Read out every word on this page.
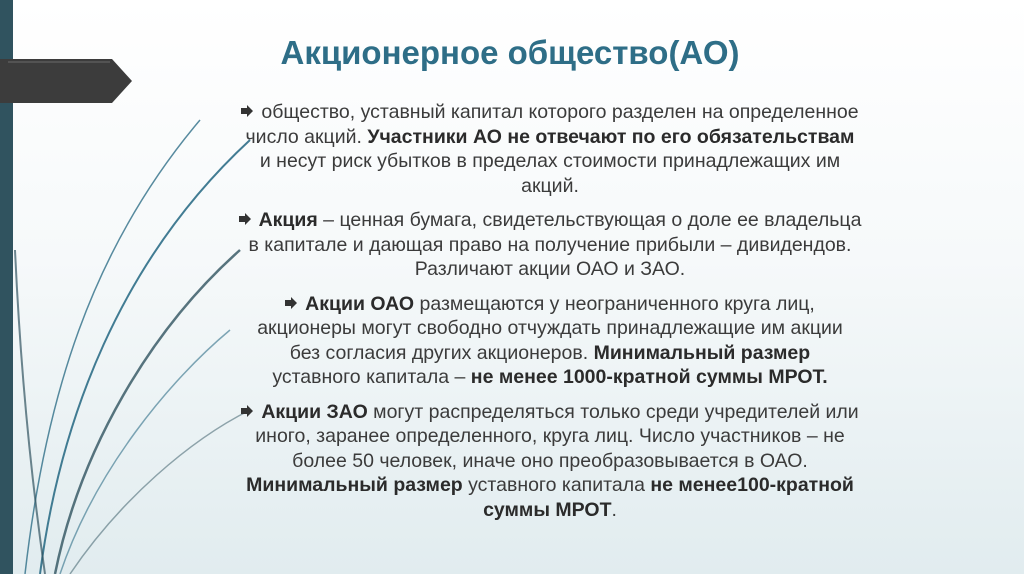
Акционерное общество(АО)

общество, уставный капитал которого разделен на определенное
число акций. Участники АО не отвечают по его обязательствам
и несут риск убытков в пределах стоимости принадлежащих им
акций.

Акция – ценная бумага, свидетельствующая о доле ее владельца
в капитале и дающая право на получение прибыли – дивидендов.
Различают акции ОАО и ЗАО.

Акции ОАО размещаются у неограниченного круга лиц,
акционеры могут свободно отчуждать принадлежащие им акции
без согласия других акционеров. Минимальный размер
уставного капитала – не менее 1000-кратной суммы МРОТ.

Акции ЗАО могут распределяться только среди учредителей или
иного, заранее определенного, круга лиц. Число участников – не
более 50 человек, иначе оно преобразовывается в ОАО.
Минимальный размер уставного капитала не менее100-кратной
суммы МРОТ.
